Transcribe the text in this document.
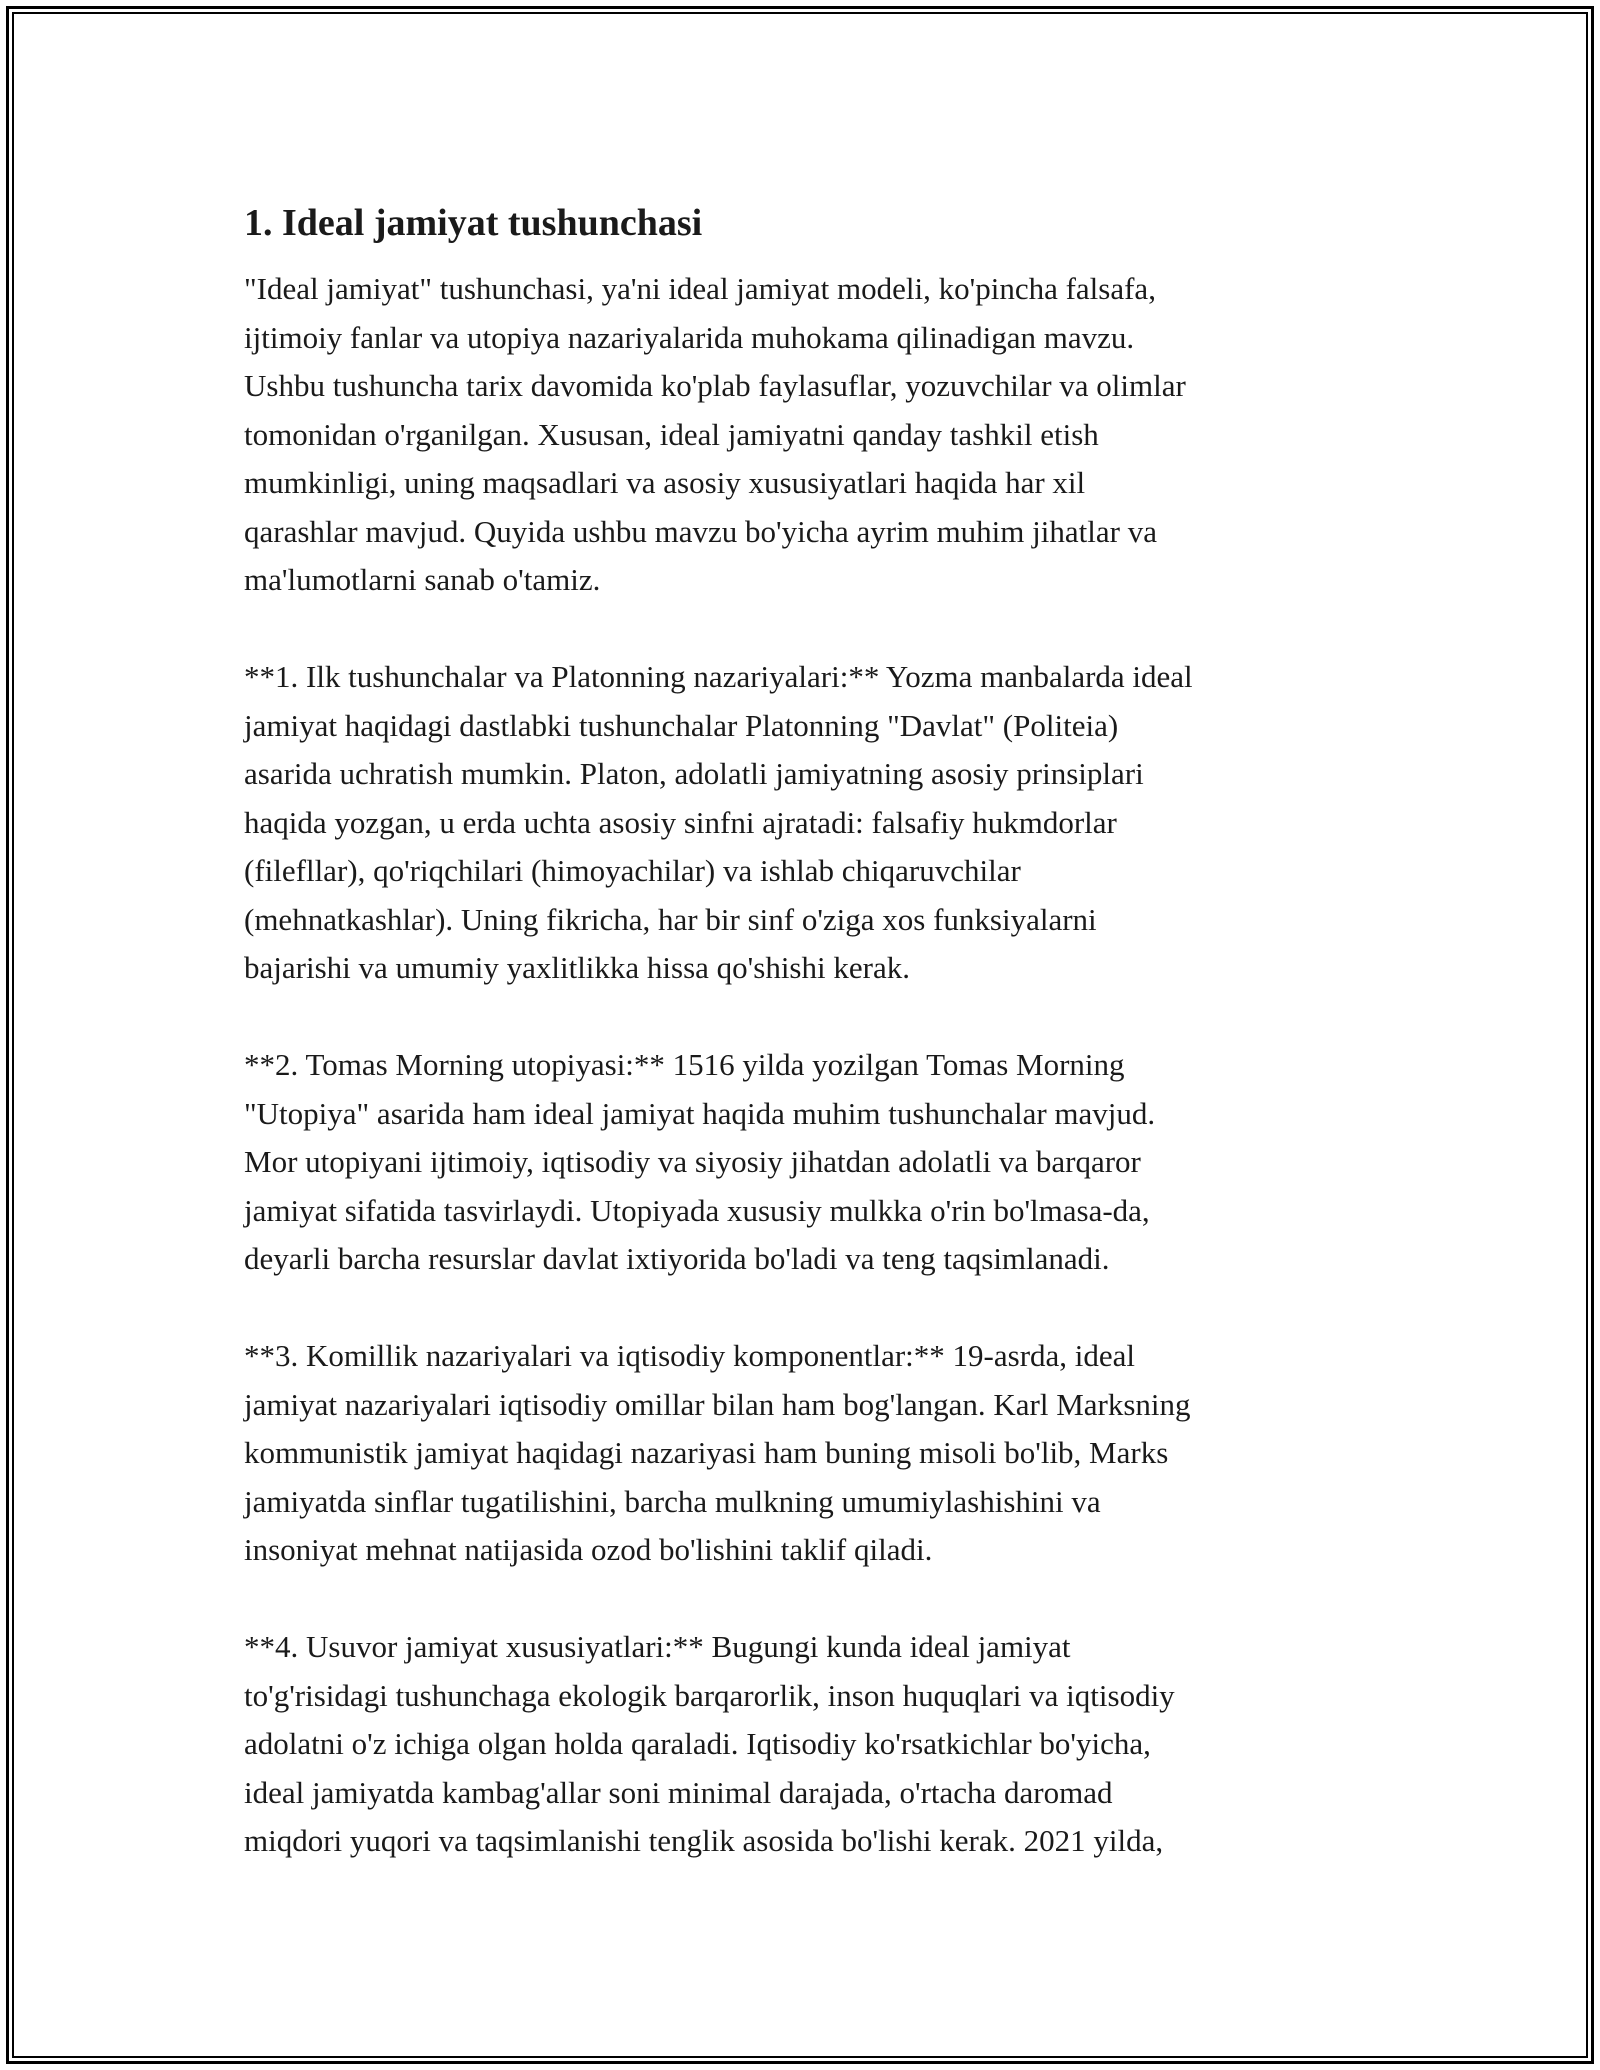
1. Ideal jamiyat tushunchasi

"Ideal jamiyat" tushunchasi, ya'ni ideal jamiyat modeli, ko'pincha falsafa,
ijtimoiy fanlar va utopiya nazariyalarida muhokama qilinadigan mavzu.
Ushbu tushuncha tarix davomida ko'plab faylasuflar, yozuvchilar va olimlar
tomonidan o'rganilgan. Xususan, ideal jamiyatni qanday tashkil etish
mumkinligi, uning maqsadlari va asosiy xususiyatlari haqida har xil
qarashlar mavjud. Quyida ushbu mavzu bo'yicha ayrim muhim jihatlar va
ma'lumotlarni sanab o'tamiz.

**1. Ilk tushunchalar va Platonning nazariyalari:** Yozma manbalarda ideal
jamiyat haqidagi dastlabki tushunchalar Platonning "Davlat" (Politeia)
asarida uchratish mumkin. Platon, adolatli jamiyatning asosiy prinsiplari
haqida yozgan, u erda uchta asosiy sinfni ajratadi: falsafiy hukmdorlar
(filefllar), qo'riqchilari (himoyachilar) va ishlab chiqaruvchilar
(mehnatkashlar). Uning fikricha, har bir sinf o'ziga xos funksiyalarni
bajarishi va umumiy yaxlitlikka hissa qo'shishi kerak.

**2. Tomas Morning utopiyasi:** 1516 yilda yozilgan Tomas Morning
"Utopiya" asarida ham ideal jamiyat haqida muhim tushunchalar mavjud.
Mor utopiyani ijtimoiy, iqtisodiy va siyosiy jihatdan adolatli va barqaror
jamiyat sifatida tasvirlaydi. Utopiyada xususiy mulkka o'rin bo'lmasa-da,
deyarli barcha resurslar davlat ixtiyorida bo'ladi va teng taqsimlanadi.

**3. Komillik nazariyalari va iqtisodiy komponentlar:** 19-asrda, ideal
jamiyat nazariyalari iqtisodiy omillar bilan ham bog'langan. Karl Marksning
kommunistik jamiyat haqidagi nazariyasi ham buning misoli bo'lib, Marks
jamiyatda sinflar tugatilishini, barcha mulkning umumiylashishini va
insoniyat mehnat natijasida ozod bo'lishini taklif qiladi.

**4. Usuvor jamiyat xususiyatlari:** Bugungi kunda ideal jamiyat
to'g'risidagi tushunchaga ekologik barqarorlik, inson huquqlari va iqtisodiy
adolatni o'z ichiga olgan holda qaraladi. Iqtisodiy ko'rsatkichlar bo'yicha,
ideal jamiyatda kambag'allar soni minimal darajada, o'rtacha daromad
miqdori yuqori va taqsimlanishi tenglik asosida bo'lishi kerak. 2021 yilda,
